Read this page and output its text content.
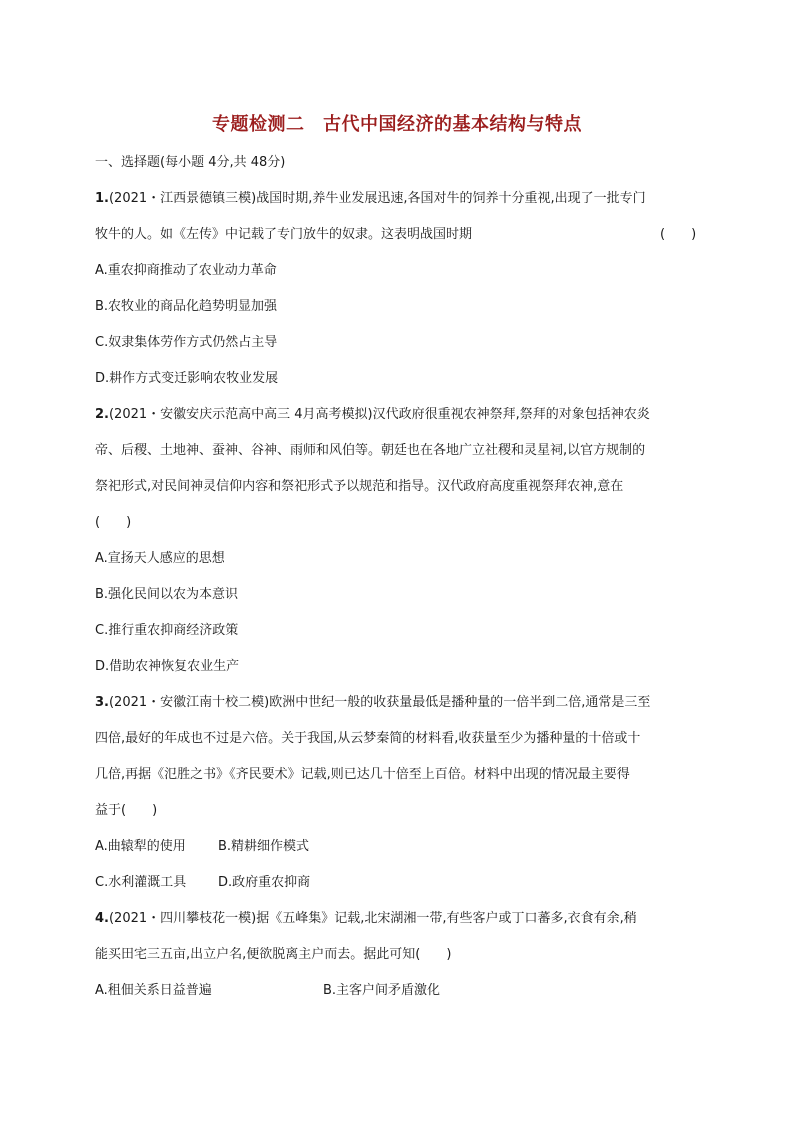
专题检测二　古代中国经济的基本结构与特点
一、选择题(每小题 4分,共 48分)
1.(2021・江西景德镇三模)战国时期,养牛业发展迅速,各国对牛的饲养十分重视,出现了一批专门
牧牛的人。如《左传》中记载了专门放牛的奴隶。这表明战国时期	(　　)
A.重农抑商推动了农业动力革命
B.农牧业的商品化趋势明显加强
C.奴隶集体劳作方式仍然占主导
D.耕作方式变迁影响农牧业发展
2.(2021・安徽安庆示范高中高三 4月高考模拟)汉代政府很重视农神祭拜,祭拜的对象包括神农炎
帝、后稷、土地神、蚕神、谷神、雨师和风伯等。朝廷也在各地广立社稷和灵星祠,以官方规制的
祭祀形式,对民间神灵信仰内容和祭祀形式予以规范和指导。汉代政府高度重视祭拜农神,意在
(　　)
A.宣扬天人感应的思想
B.强化民间以农为本意识
C.推行重农抑商经济政策
D.借助农神恢复农业生产
3.(2021・安徽江南十校二模)欧洲中世纪一般的收获量最低是播种量的一倍半到二倍,通常是三至
四倍,最好的年成也不过是六倍。关于我国,从云梦秦简的材料看,收获量至少为播种量的十倍或十
几倍,再据《氾胜之书》《齐民要术》记载,则已达几十倍至上百倍。材料中出现的情况最主要得
益于(　　)
A.曲辕犁的使用 B.精耕细作模式
C.水利灌溉工具 D.政府重农抑商
4.(2021・四川攀枝花一模)据《五峰集》记载,北宋湖湘一带,有些客户或丁口蕃多,衣食有余,稍
能买田宅三五亩,出立户名,便欲脱离主户而去。据此可知(　　)
A.租佃关系日益普遍	B.主客户间矛盾激化
